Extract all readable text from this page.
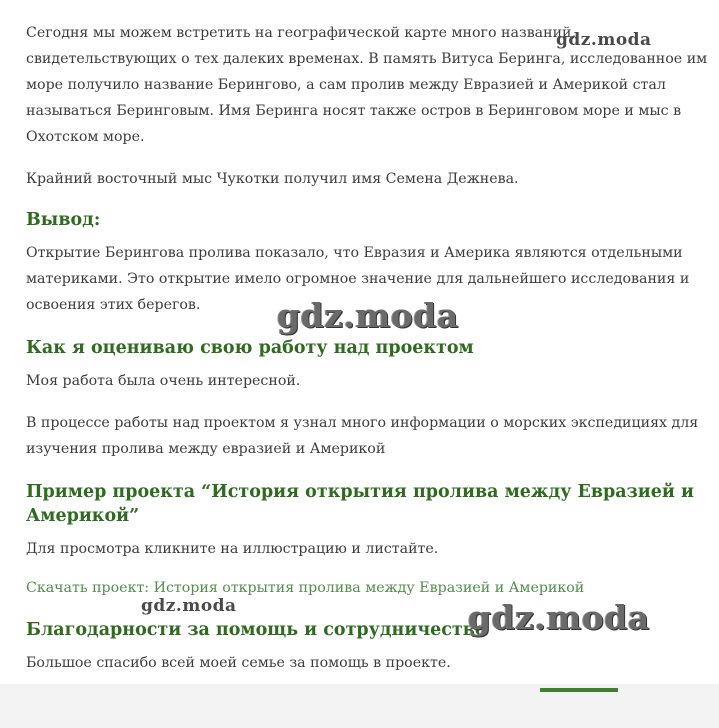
Сегодня мы можем встретить на географической карте много названий,

свидетельствующих о тех далеких временах. В память Витуса Беринга, исследованное им

море получило название Берингово, а сам пролив между Евразией и Америкой стал

называться Беринговым. Имя Беринга носят также остров в Беринговом море и мыс в

Охотском море.

Крайний восточный мыс Чукотки получил имя Семена Дежнева.

Вывод:

Открытие Берингова пролива показало, что Евразия и Америка являются отдельными

материками. Это открытие имело огромное значение для дальнейшего исследования и

освоения этих берегов.

Как я оцениваю свою работу над проектом

Моя работа была очень интересной.

В процессе работы над проектом я узнал много информации о морских экспедициях для

изучения пролива между евразией и Америкой

Пример проекта “История открытия пролива между Евразией и
Америкой”

Для просмотра кликните на иллюстрацию и листайте.

Скачать проект: История открытия пролива между Евразией и Америкой
Благодарности за помощь и сотрудничество

Большое спасибо всей моей семье за помощь в проекте.

gdz.moda
gdz.moda
gdz.moda	gdz.moda
